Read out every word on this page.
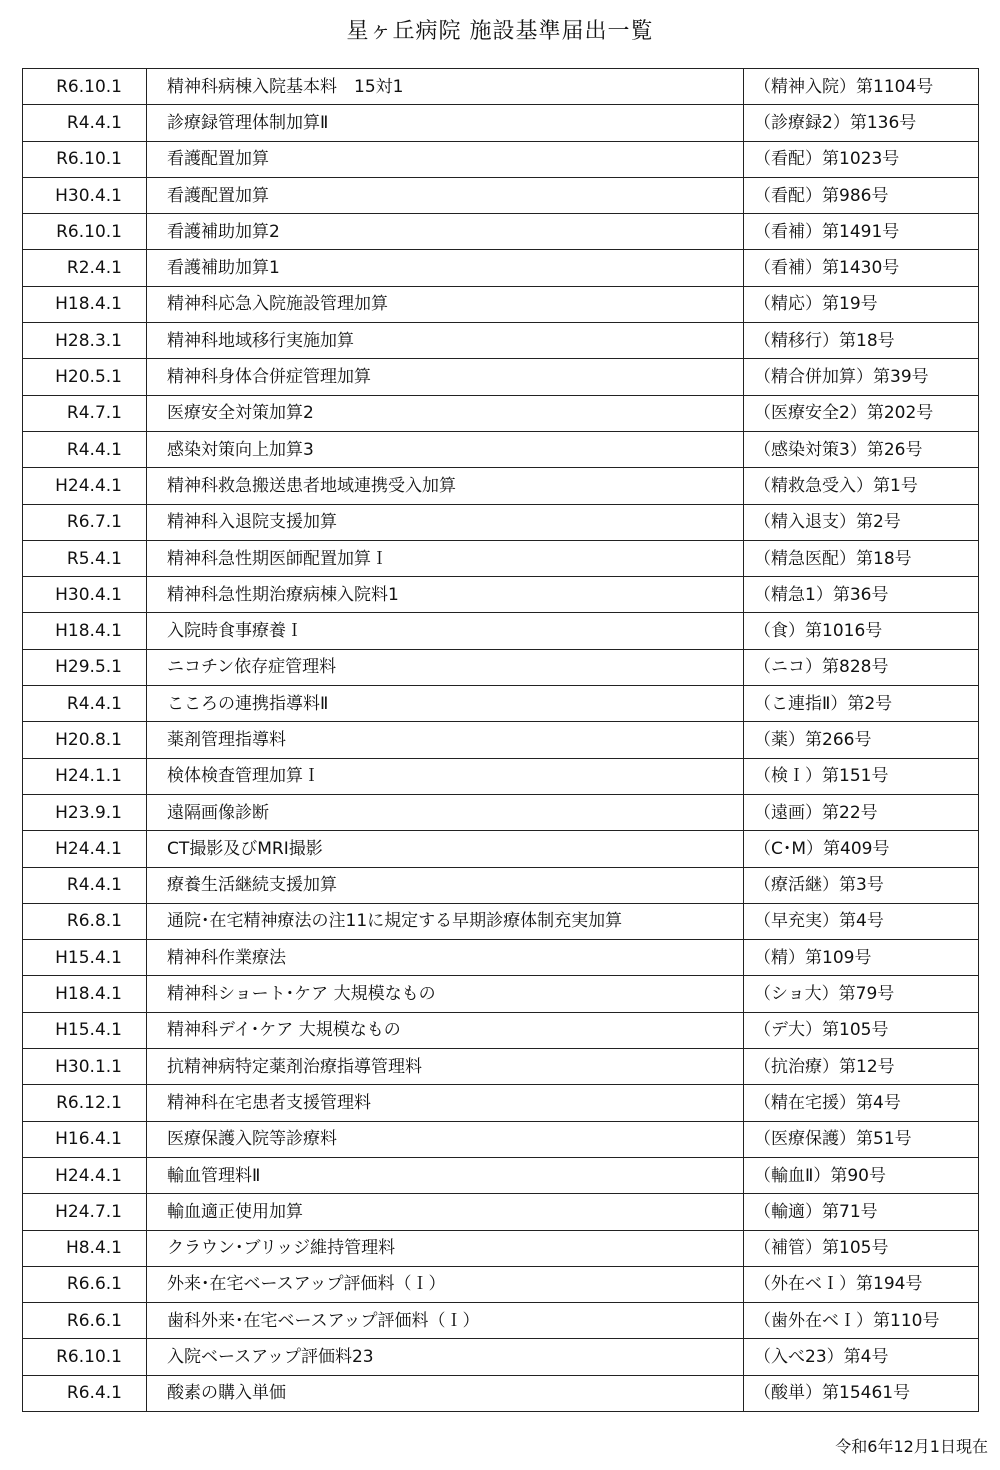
星ヶ丘病院 施設基準届出一覧
R6.10.1	精神科病棟入院基本料　15対1	（精神入院）第1104号
R4.4.1	診療録管理体制加算Ⅱ	（診療録2）第136号
R6.10.1	看護配置加算	（看配）第1023号
H30.4.1	看護配置加算	（看配）第986号
R6.10.1	看護補助加算2	（看補）第1491号
R2.4.1	看護補助加算1	（看補）第1430号
H18.4.1	精神科応急入院施設管理加算	（精応）第19号
H28.3.1	精神科地域移行実施加算	（精移行）第18号
H20.5.1	精神科身体合併症管理加算	（精合併加算）第39号
R4.7.1	医療安全対策加算2	（医療安全2）第202号
R4.4.1	感染対策向上加算3	（感染対策3）第26号
H24.4.1	精神科救急搬送患者地域連携受入加算	（精救急受入）第1号
R6.7.1	精神科入退院支援加算	（精入退支）第2号
R5.4.1	精神科急性期医師配置加算Ｉ	（精急医配）第18号
H30.4.1	精神科急性期治療病棟入院料1	（精急1）第36号
H18.4.1	入院時食事療養Ｉ	（食）第1016号
H29.5.1	ニコチン依存症管理料	（ニコ）第828号
R4.4.1	こころの連携指導料Ⅱ	（こ連指Ⅱ）第2号
H20.8.1	薬剤管理指導料	（薬）第266号
H24.1.1	検体検査管理加算Ｉ	（検Ｉ）第151号
H23.9.1	遠隔画像診断	（遠画）第22号
H24.4.1	CT撮影及びMRI撮影	（C･M）第409号
R4.4.1	療養生活継続支援加算	（療活継）第3号
R6.8.1	通院･在宅精神療法の注11に規定する早期診療体制充実加算	（早充実）第4号
H15.4.1	精神科作業療法	（精）第109号
H18.4.1	精神科ショート･ケア 大規模なもの	（ショ大）第79号
H15.4.1	精神科デイ･ケア 大規模なもの	（デ大）第105号
H30.1.1	抗精神病特定薬剤治療指導管理料	（抗治療）第12号
R6.12.1	精神科在宅患者支援管理料	（精在宅援）第4号
H16.4.1	医療保護入院等診療料	（医療保護）第51号
H24.4.1	輸血管理料Ⅱ	（輸血Ⅱ）第90号
H24.7.1	輸血適正使用加算	（輸適）第71号
H8.4.1	クラウン･ブリッジ維持管理料	（補管）第105号
R6.6.1	外来･在宅ベースアップ評価料（Ｉ）	（外在ベＩ）第194号
R6.6.1	歯科外来･在宅ベースアップ評価料（Ｉ）	（歯外在ベＩ）第110号
R6.10.1	入院ベースアップ評価料23	（入べ23）第4号
R6.4.1	酸素の購入単価	（酸単）第15461号
令和6年12月1日現在
